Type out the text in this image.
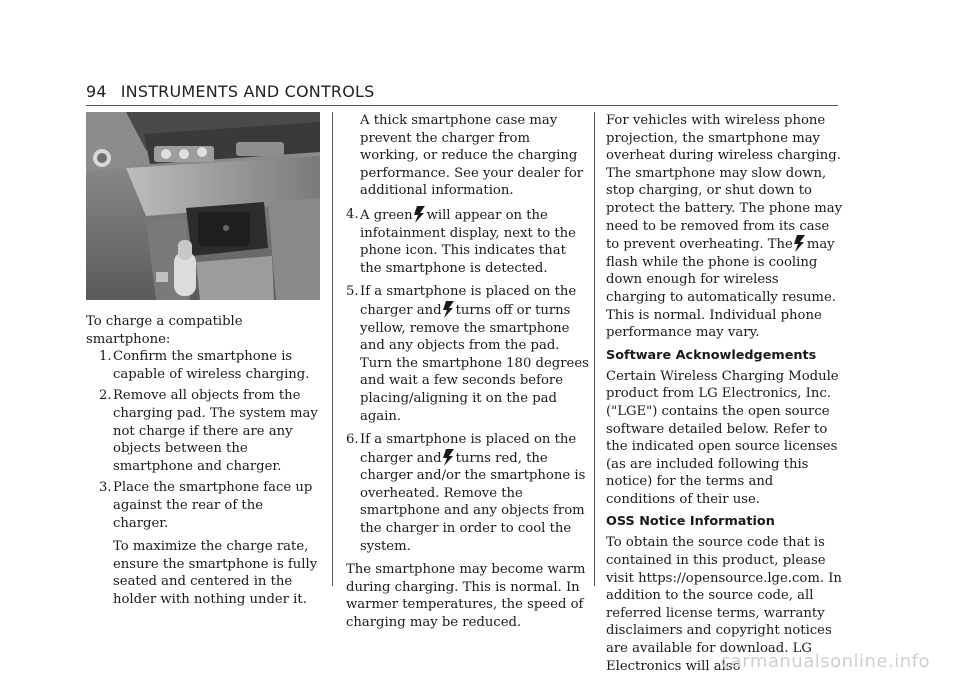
94 INSTRUMENTS AND CONTROLS

To charge a compatible smartphone:

1. Confirm the smartphone is capable of wireless charging.
2. Remove all objects from the charging pad. The system may not charge if there are any objects between the smartphone and charger.
3. Place the smartphone face up against the rear of the charger.

To maximize the charge rate, ensure the smartphone is fully seated and centered in the holder with nothing under it.

A thick smartphone case may prevent the charger from working, or reduce the charging performance. See your dealer for additional information.

4. A green will appear on the infotainment display, next to the phone icon. This indicates that the smartphone is detected.
5. If a smartphone is placed on the charger and turns off or turns yellow, remove the smartphone and any objects from the pad. Turn the smartphone 180 degrees and wait a few seconds before placing/aligning it on the pad again.
6. If a smartphone is placed on the charger and turns red, the charger and/or the smartphone is overheated. Remove the smartphone and any objects from the charger in order to cool the system.

The smartphone may become warm during charging. This is normal. In warmer temperatures, the speed of charging may be reduced.

For vehicles with wireless phone projection, the smartphone may overheat during wireless charging. The smartphone may slow down, stop charging, or shut down to protect the battery. The phone may need to be removed from its case to prevent overheating. The may flash while the phone is cooling down enough for wireless charging to automatically resume. This is normal. Individual phone performance may vary.

Software Acknowledgements

Certain Wireless Charging Module product from LG Electronics, Inc. ("LGE") contains the open source software detailed below. Refer to the indicated open source licenses (as are included following this notice) for the terms and conditions of their use.

OSS Notice Information

To obtain the source code that is contained in this product, please visit https://opensource.lge.com. In addition to the source code, all referred license terms, warranty disclaimers and copyright notices are available for download. LG Electronics will also

carmanualsonline.info
